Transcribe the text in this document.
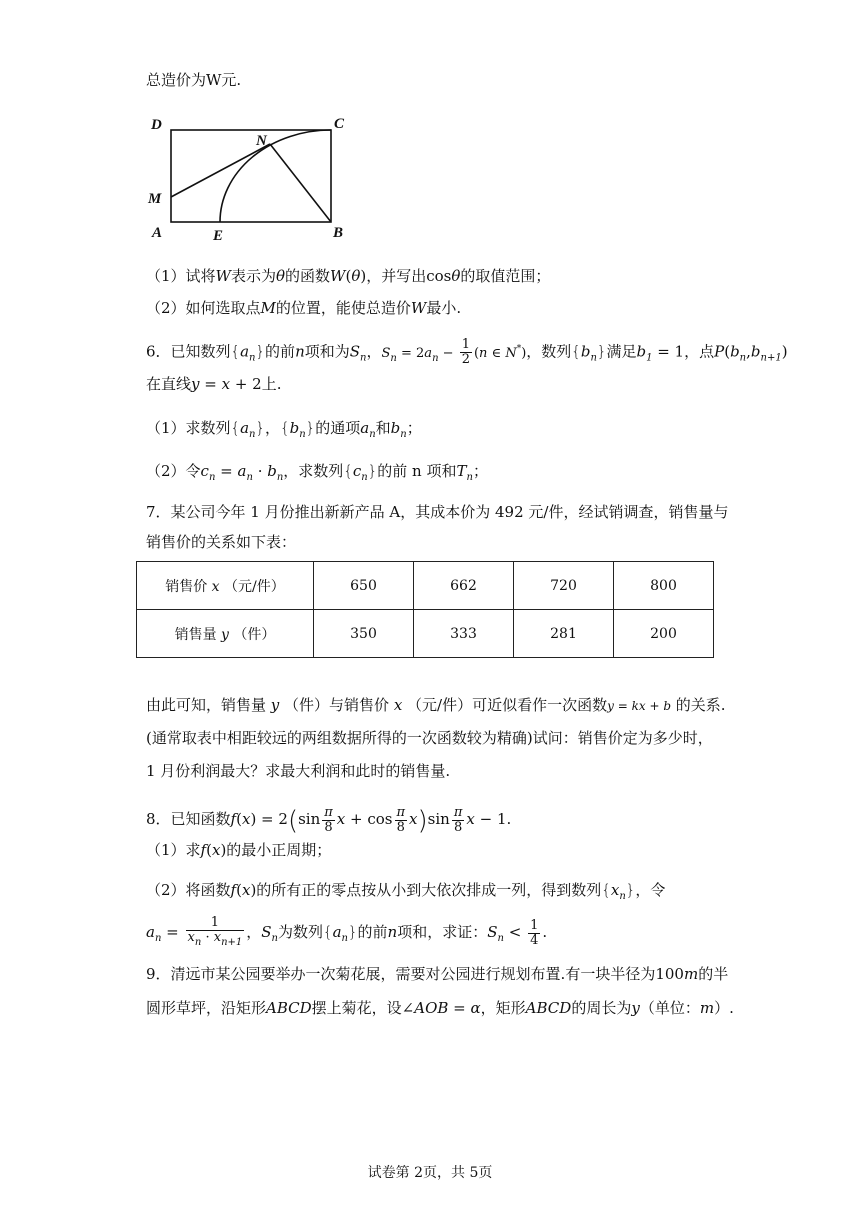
总造价为W元.
D	C
N
M
A	E	B
（1）试将W表示为θ的函数W(θ)，并写出cosθ的取值范围；
（2）如何选取点M的位置，能使总造价W最小.
6．已知数列$\{a_n\}$的前n项和为$S_n$，$S_n = 2a_n - \frac{1}{2} (n$ ∈ N*)，数列$\{b_n\}$满足$b_1 = 1$，点$P(b_n,b_{n+1})$
在直线y = x + 2上.
（1）求数列$\{a_n\}$，$\{b_n\}$的通项$a_n$和$b_n$；
（2）令$c_n = a_n \cdot b_n$，求数列$\{c_n\}$的前 n 项和$T_n$；
7．某公司今年 1 月份推出新新产品 A，其成本价为 492 元/件，经试销调查，销售量与
销售价的关系如下表：
销售价 x （元/件）	650	662	720	800
销售量 y （件）	350	333	281	200
由此可知，销售量 y （件）与销售价 x （元/件）可近似看作一次函数y = kx + b 的关系.
(通常取表中相距较远的两组数据所得的一次函数较为精确)试问：销售价定为多少时，
1 月份利润最大？求最大利润和此时的销售量.
8．已知函数$f(x) = 2(\sin \frac{\pi}{8}$ $x + \cos \frac{\pi}{8} x)\sin \frac{\pi}{8}$ x − 1.
（1）求f(x)的最小正周期；
（2）将函数f(x)的所有正的零点按从小到大依次排成一列，得到数列$\{x_n\}$，令
$a_n = \frac{1}{x_n \cdot x_{n+1}}$ ，$S_n$为数列$\{a_n\}$的前n项和，求证：$S_n < \frac{1}{4}$ .
9．清远市某公园要举办一次菊花展，需要对公园进行规划布置.有一块半径为100m的半
圆形草坪，沿矩形ABCD摆上菊花，设∠AOB = α，矩形ABCD的周长为y（单位：m）.
试卷第 2页，共 5页
